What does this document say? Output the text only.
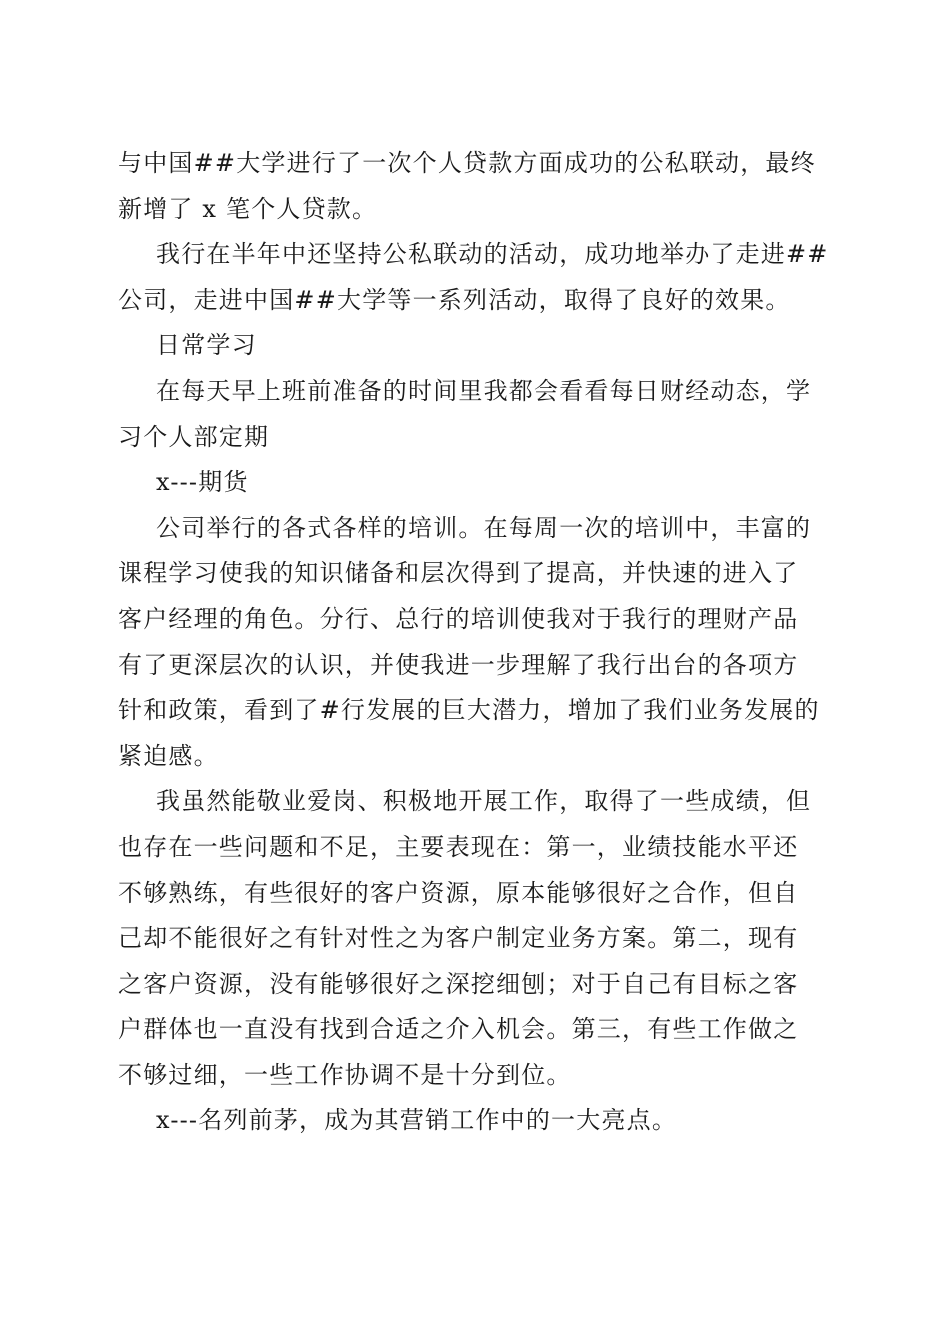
与中国##大学进行了一次个人贷款方面成功的公私联动，最终
新增了 x 笔个人贷款。

我行在半年中还坚持公私联动的活动，成功地举办了走进##
公司，走进中国##大学等一系列活动，取得了良好的效果。

日常学习

在每天早上班前准备的时间里我都会看看每日财经动态，学
习个人部定期

x---期货

公司举行的各式各样的培训。在每周一次的培训中，丰富的
课程学习使我的知识储备和层次得到了提高，并快速的进入了
客户经理的角色。分行、总行的培训使我对于我行的理财产品
有了更深层次的认识，并使我进一步理解了我行出台的各项方
针和政策，看到了#行发展的巨大潜力，增加了我们业务发展的
紧迫感。

我虽然能敬业爱岗、积极地开展工作，取得了一些成绩，但
也存在一些问题和不足，主要表现在：第一，业绩技能水平还
不够熟练，有些很好的客户资源，原本能够很好之合作，但自
己却不能很好之有针对性之为客户制定业务方案。第二，现有
之客户资源，没有能够很好之深挖细刨；对于自己有目标之客
户群体也一直没有找到合适之介入机会。第三，有些工作做之
不够过细，一些工作协调不是十分到位。

x---名列前茅，成为其营销工作中的一大亮点。
